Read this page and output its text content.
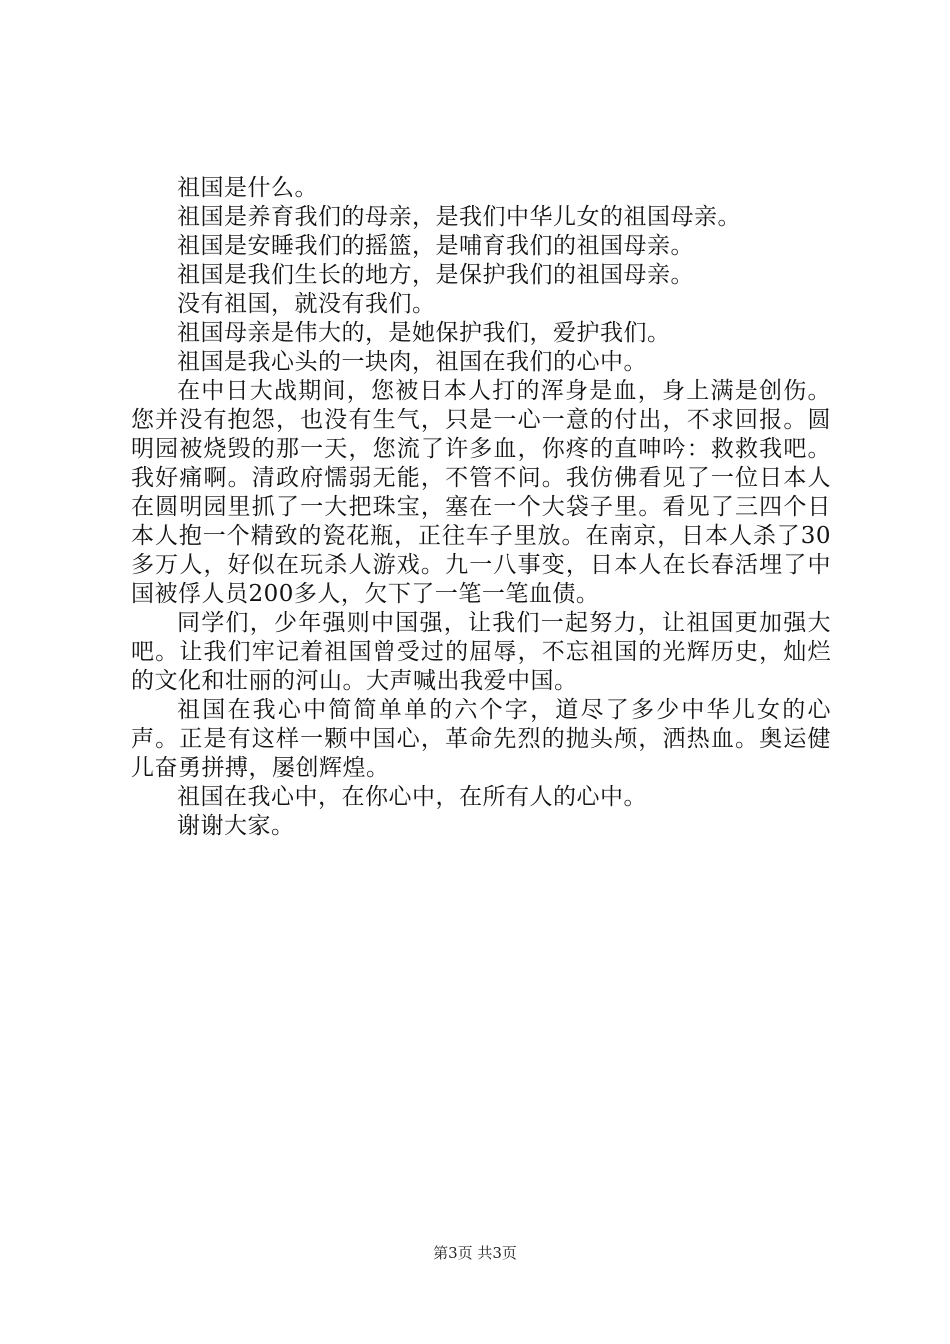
祖国是什么。

祖国是养育我们的母亲，是我们中华儿女的祖国母亲。

祖国是安睡我们的摇篮，是哺育我们的祖国母亲。

祖国是我们生长的地方，是保护我们的祖国母亲。

没有祖国，就没有我们。

祖国母亲是伟大的，是她保护我们，爱护我们。

祖国是我心头的一块肉，祖国在我们的心中。

在中日大战期间，您被日本人打的浑身是血，身上满是创伤。您并没有抱怨，也没有生气，只是一心一意的付出，不求回报。圆明园被烧毁的那一天，您流了许多血，你疼的直呻吟：救救我吧。我好痛啊。清政府懦弱无能，不管不问。我仿佛看见了一位日本人在圆明园里抓了一大把珠宝，塞在一个大袋子里。看见了三四个日本人抱一个精致的瓷花瓶，正往车子里放。在南京，日本人杀了30多万人，好似在玩杀人游戏。九一八事变，日本人在长春活埋了中国被俘人员200多人，欠下了一笔一笔血债。

同学们，少年强则中国强，让我们一起努力，让祖国更加强大吧。让我们牢记着祖国曾受过的屈辱，不忘祖国的光辉历史，灿烂的文化和壮丽的河山。大声喊出我爱中国。

祖国在我心中简简单单的六个字，道尽了多少中华儿女的心声。正是有这样一颗中国心，革命先烈的抛头颅，洒热血。奥运健儿奋勇拼搏，屡创辉煌。

祖国在我心中，在你心中，在所有人的心中。

谢谢大家。

第3页 共3页
